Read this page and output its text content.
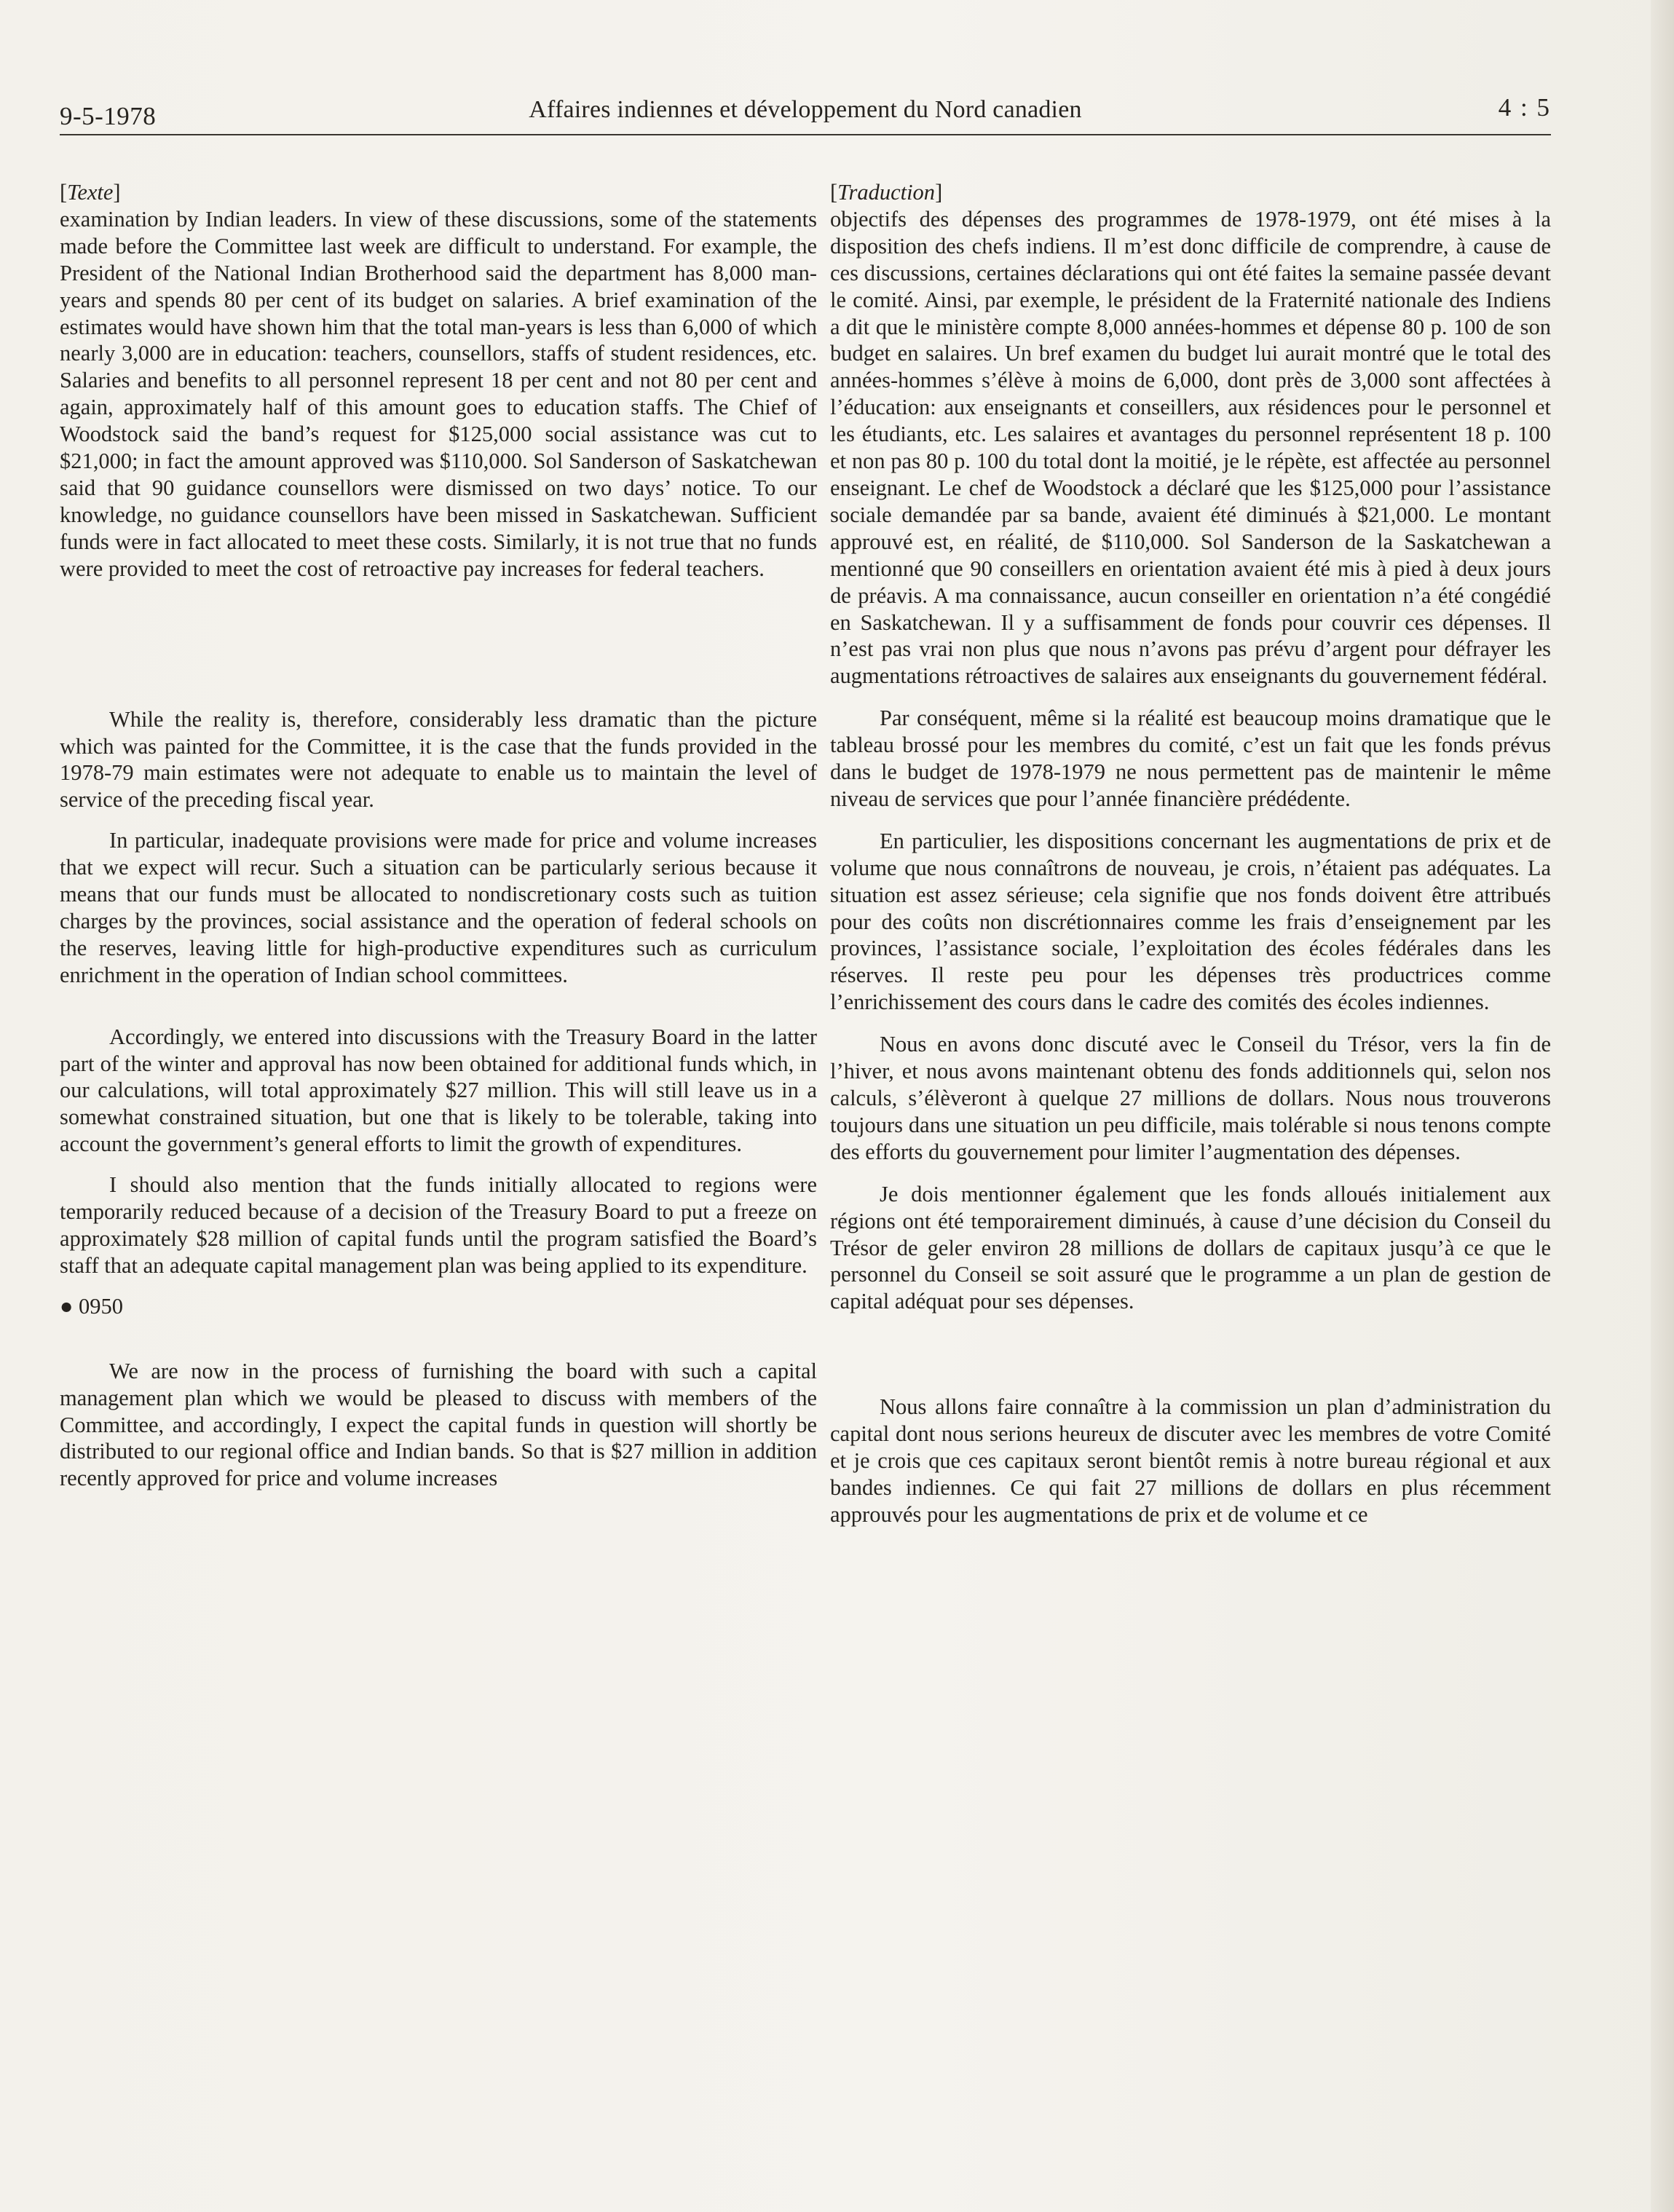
9-5-1978	Affaires indiennes et développement du Nord canadien	4 : 5

[Texte]

examination by Indian leaders. In view of these discussions, some of the statements made before the Committee last week are difficult to understand. For example, the President of the National Indian Brotherhood said the department has 8,000 man-years and spends 80 per cent of its budget on salaries. A brief examination of the estimates would have shown him that the total man-years is less than 6,000 of which nearly 3,000 are in education: teachers, counsellors, staffs of student residences, etc. Salaries and benefits to all personnel represent 18 per cent and not 80 per cent and again, approximately half of this amount goes to education staffs. The Chief of Woodstock said the band’s request for $125,000 social assistance was cut to $21,000; in fact the amount approved was $110,000. Sol Sanderson of Saskatchewan said that 90 guidance counsellors were dismissed on two days’ notice. To our knowledge, no guidance counsellors have been missed in Saskatchewan. Sufficient funds were in fact allocated to meet these costs. Similarly, it is not true that no funds were provided to meet the cost of retroactive pay increases for federal teachers.

While the reality is, therefore, considerably less dramatic than the picture which was painted for the Committee, it is the case that the funds provided in the 1978-79 main estimates were not adequate to enable us to maintain the level of service of the preceding fiscal year.

In particular, inadequate provisions were made for price and volume increases that we expect will recur. Such a situation can be particularly serious because it means that our funds must be allocated to nondiscretionary costs such as tuition charges by the provinces, social assistance and the operation of federal schools on the reserves, leaving little for high-productive expenditures such as curriculum enrichment in the operation of Indian school committees.

Accordingly, we entered into discussions with the Treasury Board in the latter part of the winter and approval has now been obtained for additional funds which, in our calculations, will total approximately $27 million. This will still leave us in a somewhat constrained situation, but one that is likely to be tolerable, taking into account the government’s general efforts to limit the growth of expenditures.

I should also mention that the funds initially allocated to regions were temporarily reduced because of a decision of the Treasury Board to put a freeze on approximately $28 million of capital funds until the program satisfied the Board’s staff that an adequate capital management plan was being applied to its expenditure.

● 0950

We are now in the process of furnishing the board with such a capital management plan which we would be pleased to discuss with members of the Committee, and accordingly, I expect the capital funds in question will shortly be distributed to our regional office and Indian bands. So that is $27 million in addition recently approved for price and volume increases

[Traduction]

objectifs des dépenses des programmes de 1978-1979, ont été mises à la disposition des chefs indiens. Il m’est donc difficile de comprendre, à cause de ces discussions, certaines déclarations qui ont été faites la semaine passée devant le comité. Ainsi, par exemple, le président de la Fraternité nationale des Indiens a dit que le ministère compte 8,000 années-hommes et dépense 80 p. 100 de son budget en salaires. Un bref examen du budget lui aurait montré que le total des années-hommes s’élève à moins de 6,000, dont près de 3,000 sont affectées à l’éducation: aux enseignants et conseillers, aux résidences pour le personnel et les étudiants, etc. Les salaires et avantages du personnel représentent 18 p. 100 et non pas 80 p. 100 du total dont la moitié, je le répète, est affectée au personnel enseignant. Le chef de Woodstock a déclaré que les $125,000 pour l’assistance sociale demandée par sa bande, avaient été diminués à $21,000. Le montant approuvé est, en réalité, de $110,000. Sol Sanderson de la Saskatchewan a mentionné que 90 conseillers en orientation avaient été mis à pied à deux jours de préavis. A ma connaissance, aucun conseiller en orientation n’a été congédié en Saskatchewan. Il y a suffisamment de fonds pour couvrir ces dépenses. Il n’est pas vrai non plus que nous n’avons pas prévu d’argent pour défrayer les augmentations rétroactives de salaires aux enseignants du gouvernement fédéral.

Par conséquent, même si la réalité est beaucoup moins dramatique que le tableau brossé pour les membres du comité, c’est un fait que les fonds prévus dans le budget de 1978-1979 ne nous permettent pas de maintenir le même niveau de services que pour l’année financière prédédente.

En particulier, les dispositions concernant les augmentations de prix et de volume que nous connaîtrons de nouveau, je crois, n’étaient pas adéquates. La situation est assez sérieuse; cela signifie que nos fonds doivent être attribués pour des coûts non discrétionnaires comme les frais d’enseignement par les provinces, l’assistance sociale, l’exploitation des écoles fédérales dans les réserves. Il reste peu pour les dépenses très productrices comme l’enrichissement des cours dans le cadre des comités des écoles indiennes.

Nous en avons donc discuté avec le Conseil du Trésor, vers la fin de l’hiver, et nous avons maintenant obtenu des fonds additionnels qui, selon nos calculs, s’élèveront à quelque 27 millions de dollars. Nous nous trouverons toujours dans une situation un peu difficile, mais tolérable si nous tenons compte des efforts du gouvernement pour limiter l’augmentation des dépenses.

Je dois mentionner également que les fonds alloués initialement aux régions ont été temporairement diminués, à cause d’une décision du Conseil du Trésor de geler environ 28 millions de dollars de capitaux jusqu’à ce que le personnel du Conseil se soit assuré que le programme a un plan de gestion de capital adéquat pour ses dépenses.

Nous allons faire connaître à la commission un plan d’administration du capital dont nous serions heureux de discuter avec les membres de votre Comité et je crois que ces capitaux seront bientôt remis à notre bureau régional et aux bandes indiennes. Ce qui fait 27 millions de dollars en plus récemment approuvés pour les augmentations de prix et de volume et ce
